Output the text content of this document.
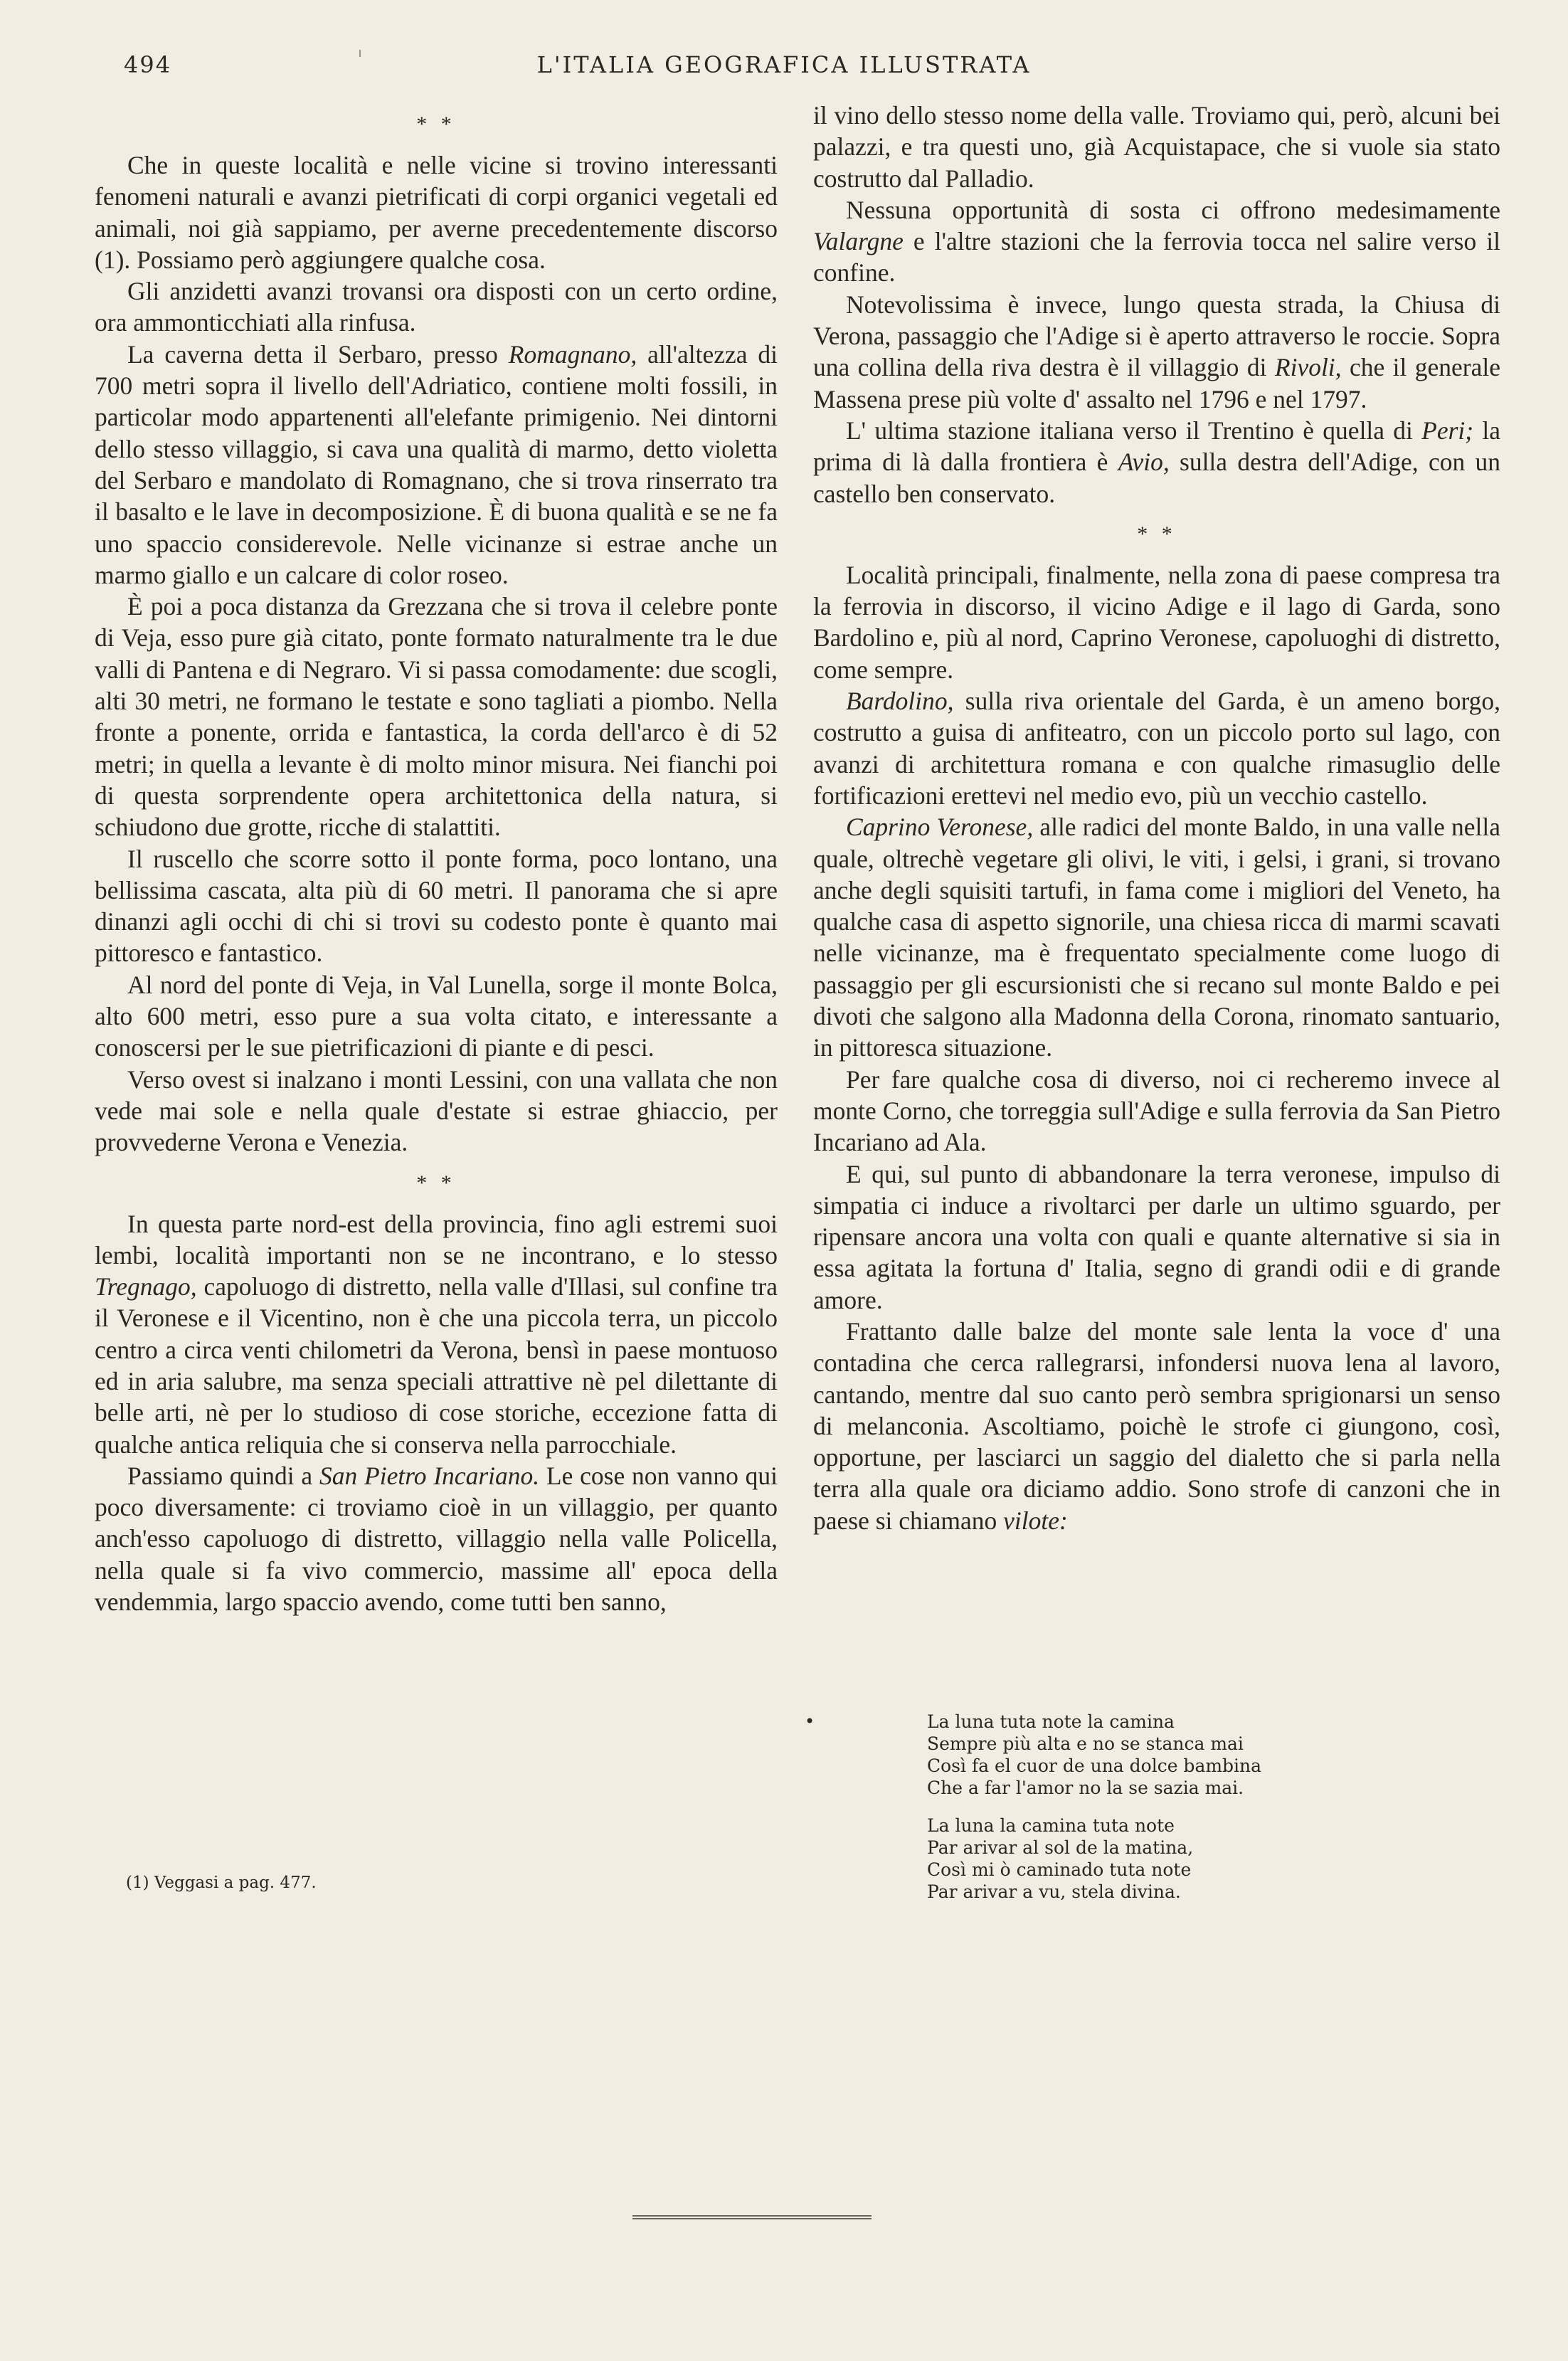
494	L'ITALIA GEOGRAFICA ILLUSTRATA
* *

Che in queste località e nelle vicine si trovino interessanti fenomeni naturali e avanzi pietrificati di corpi organici vegetali ed animali, noi già sappiamo, per averne precedentemente discorso (1). Possiamo però aggiungere qualche cosa.

Gli anzidetti avanzi trovansi ora disposti con un certo ordine, ora ammonticchiati alla rinfusa.

La caverna detta il Serbaro, presso Romagnano, all'altezza di 700 metri sopra il livello dell'Adriatico, contiene molti fossili, in particolar modo appartenenti all'elefante primigenio. Nei dintorni dello stesso villaggio, si cava una qualità di marmo, detto violetta del Serbaro e mandolato di Romagnano, che si trova rinserrato tra il basalto e le lave in decomposizione. È di buona qualità e se ne fa uno spaccio considerevole. Nelle vicinanze si estrae anche un marmo giallo e un calcare di color roseo.

È poi a poca distanza da Grezzana che si trova il celebre ponte di Veja, esso pure già citato, ponte formato naturalmente tra le due valli di Pantena e di Negraro. Vi si passa comodamente: due scogli, alti 30 metri, ne formano le testate e sono tagliati a piombo. Nella fronte a ponente, orrida e fantastica, la corda dell'arco è di 52 metri; in quella a levante è di molto minor misura. Nei fianchi poi di questa sorprendente opera architettonica della natura, si schiudono due grotte, ricche di stalattiti.

Il ruscello che scorre sotto il ponte forma, poco lontano, una bellissima cascata, alta più di 60 metri. Il panorama che si apre dinanzi agli occhi di chi si trovi su codesto ponte è quanto mai pittoresco e fantastico.

Al nord del ponte di Veja, in Val Lunella, sorge il monte Bolca, alto 600 metri, esso pure a sua volta citato, e interessante a conoscersi per le sue pietrificazioni di piante e di pesci.

Verso ovest si inalzano i monti Lessini, con una vallata che non vede mai sole e nella quale d'estate si estrae ghiaccio, per provvederne Verona e Venezia.

* *

In questa parte nord-est della provincia, fino agli estremi suoi lembi, località importanti non se ne incontrano, e lo stesso Tregnago, capoluogo di distretto, nella valle d'Illasi, sul confine tra il Veronese e il Vicentino, non è che una piccola terra, un piccolo centro a circa venti chilometri da Verona, bensì in paese montuoso ed in aria salubre, ma senza speciali attrattive nè pel dilettante di belle arti, nè per lo studioso di cose storiche, eccezione fatta di qualche antica reliquia che si conserva nella parrocchiale.

Passiamo quindi a San Pietro Incariano. Le cose non vanno qui poco diversamente: ci troviamo cioè in un villaggio, per quanto anch'esso capoluogo di distretto, villaggio nella valle Policella, nella quale si fa vivo commercio, massime all' epoca della vendemmia, largo spaccio avendo, come tutti ben sanno,

(1) Veggasi a pag. 477.

il vino dello stesso nome della valle. Troviamo qui, però, alcuni bei palazzi, e tra questi uno, già Acquistapace, che si vuole sia stato costrutto dal Palladio.

Nessuna opportunità di sosta ci offrono medesimamente Valargne e l'altre stazioni che la ferrovia tocca nel salire verso il confine.

Notevolissima è invece, lungo questa strada, la Chiusa di Verona, passaggio che l'Adige si è aperto attraverso le roccie. Sopra una collina della riva destra è il villaggio di Rivoli, che il generale Massena prese più volte d' assalto nel 1796 e nel 1797.

L' ultima stazione italiana verso il Trentino è quella di Peri; la prima di là dalla frontiera è Avio, sulla destra dell'Adige, con un castello ben conservato.

* *

Località principali, finalmente, nella zona di paese compresa tra la ferrovia in discorso, il vicino Adige e il lago di Garda, sono Bardolino e, più al nord, Caprino Veronese, capoluoghi di distretto, come sempre.

Bardolino, sulla riva orientale del Garda, è un ameno borgo, costrutto a guisa di anfiteatro, con un piccolo porto sul lago, con avanzi di architettura romana e con qualche rimasuglio delle fortificazioni erettevi nel medio evo, più un vecchio castello.

Caprino Veronese, alle radici del monte Baldo, in una valle nella quale, oltrechè vegetare gli olivi, le viti, i gelsi, i grani, si trovano anche degli squisiti tartufi, in fama come i migliori del Veneto, ha qualche casa di aspetto signorile, una chiesa ricca di marmi scavati nelle vicinanze, ma è frequentato specialmente come luogo di passaggio per gli escursionisti che si recano sul monte Baldo e pei divoti che salgono alla Madonna della Corona, rinomato santuario, in pittoresca situazione.

Per fare qualche cosa di diverso, noi ci recheremo invece al monte Corno, che torreggia sull'Adige e sulla ferrovia da San Pietro Incariano ad Ala.

E qui, sul punto di abbandonare la terra veronese, impulso di simpatia ci induce a rivoltarci per darle un ultimo sguardo, per ripensare ancora una volta con quali e quante alternative si sia in essa agitata la fortuna d' Italia, segno di grandi odii e di grande amore.

Frattanto dalle balze del monte sale lenta la voce d' una contadina che cerca rallegrarsi, infondersi nuova lena al lavoro, cantando, mentre dal suo canto però sembra sprigionarsi un senso di melanconia. Ascoltiamo, poichè le strofe ci giungono, così, opportune, per lasciarci un saggio del dialetto che si parla nella terra alla quale ora diciamo addio. Sono strofe di canzoni che in paese si chiamano vilote:

•	La luna tuta note la camina
Sempre più alta e no se stanca mai
Così fa el cuor de una dolce bambina
Che a far l'amor no la se sazia mai.
La luna la camina tuta note
Par arivar al sol de la matina,
Così mi ò caminado tuta note
Par arivar a vu, stela divina.
